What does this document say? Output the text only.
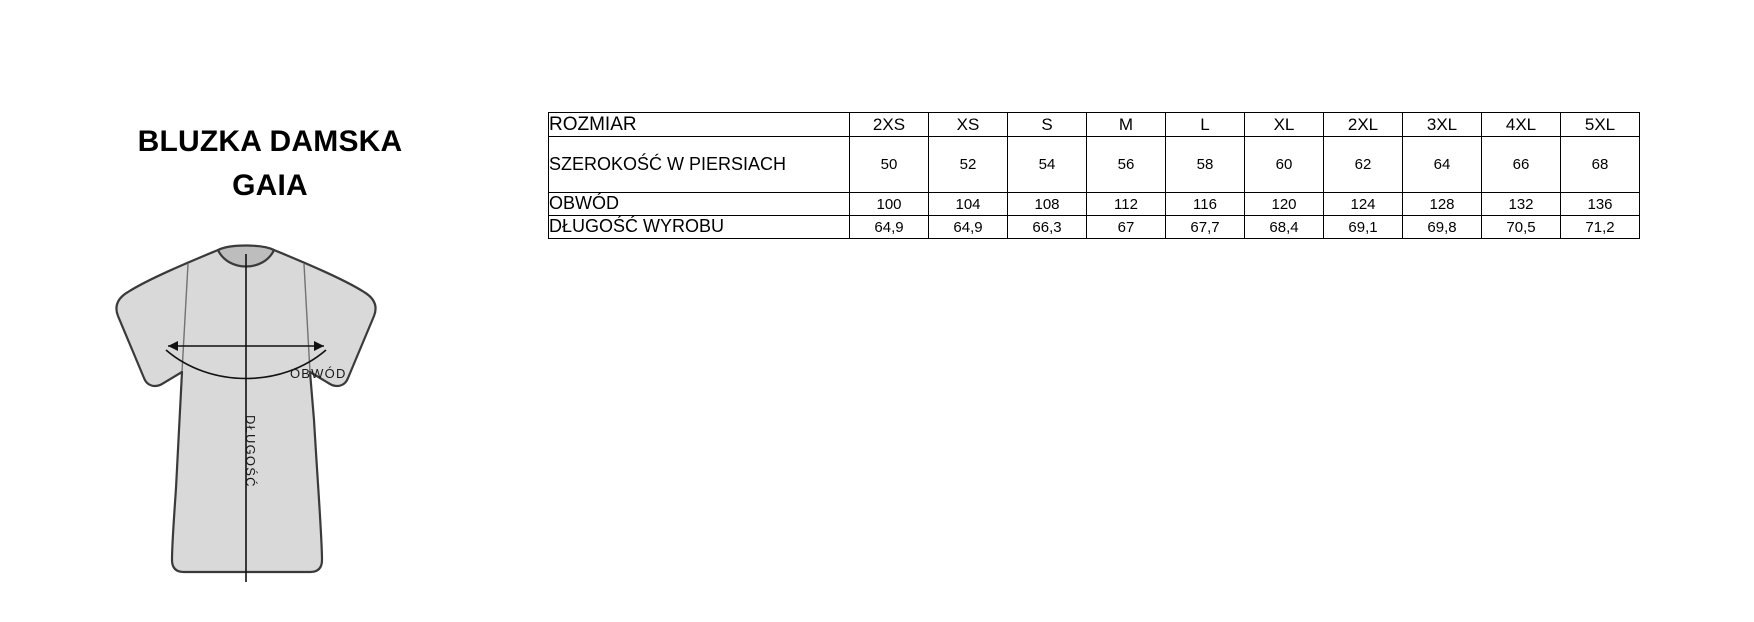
BLUZKA DAMSKA
GAIA
OBWÓD
DŁUGOŚĆ
ROZMIAR	2XS	XS	S	M	L	XL	2XL	3XL	4XL	5XL
SZEROKOŚĆ W PIERSIACH	50	52	54	56	58	60	62	64	66	68
OBWÓD	100	104	108	112	116	120	124	128	132	136
DŁUGOŚĆ WYROBU	64,9	64,9	66,3	67	67,7	68,4	69,1	69,8	70,5	71,2
